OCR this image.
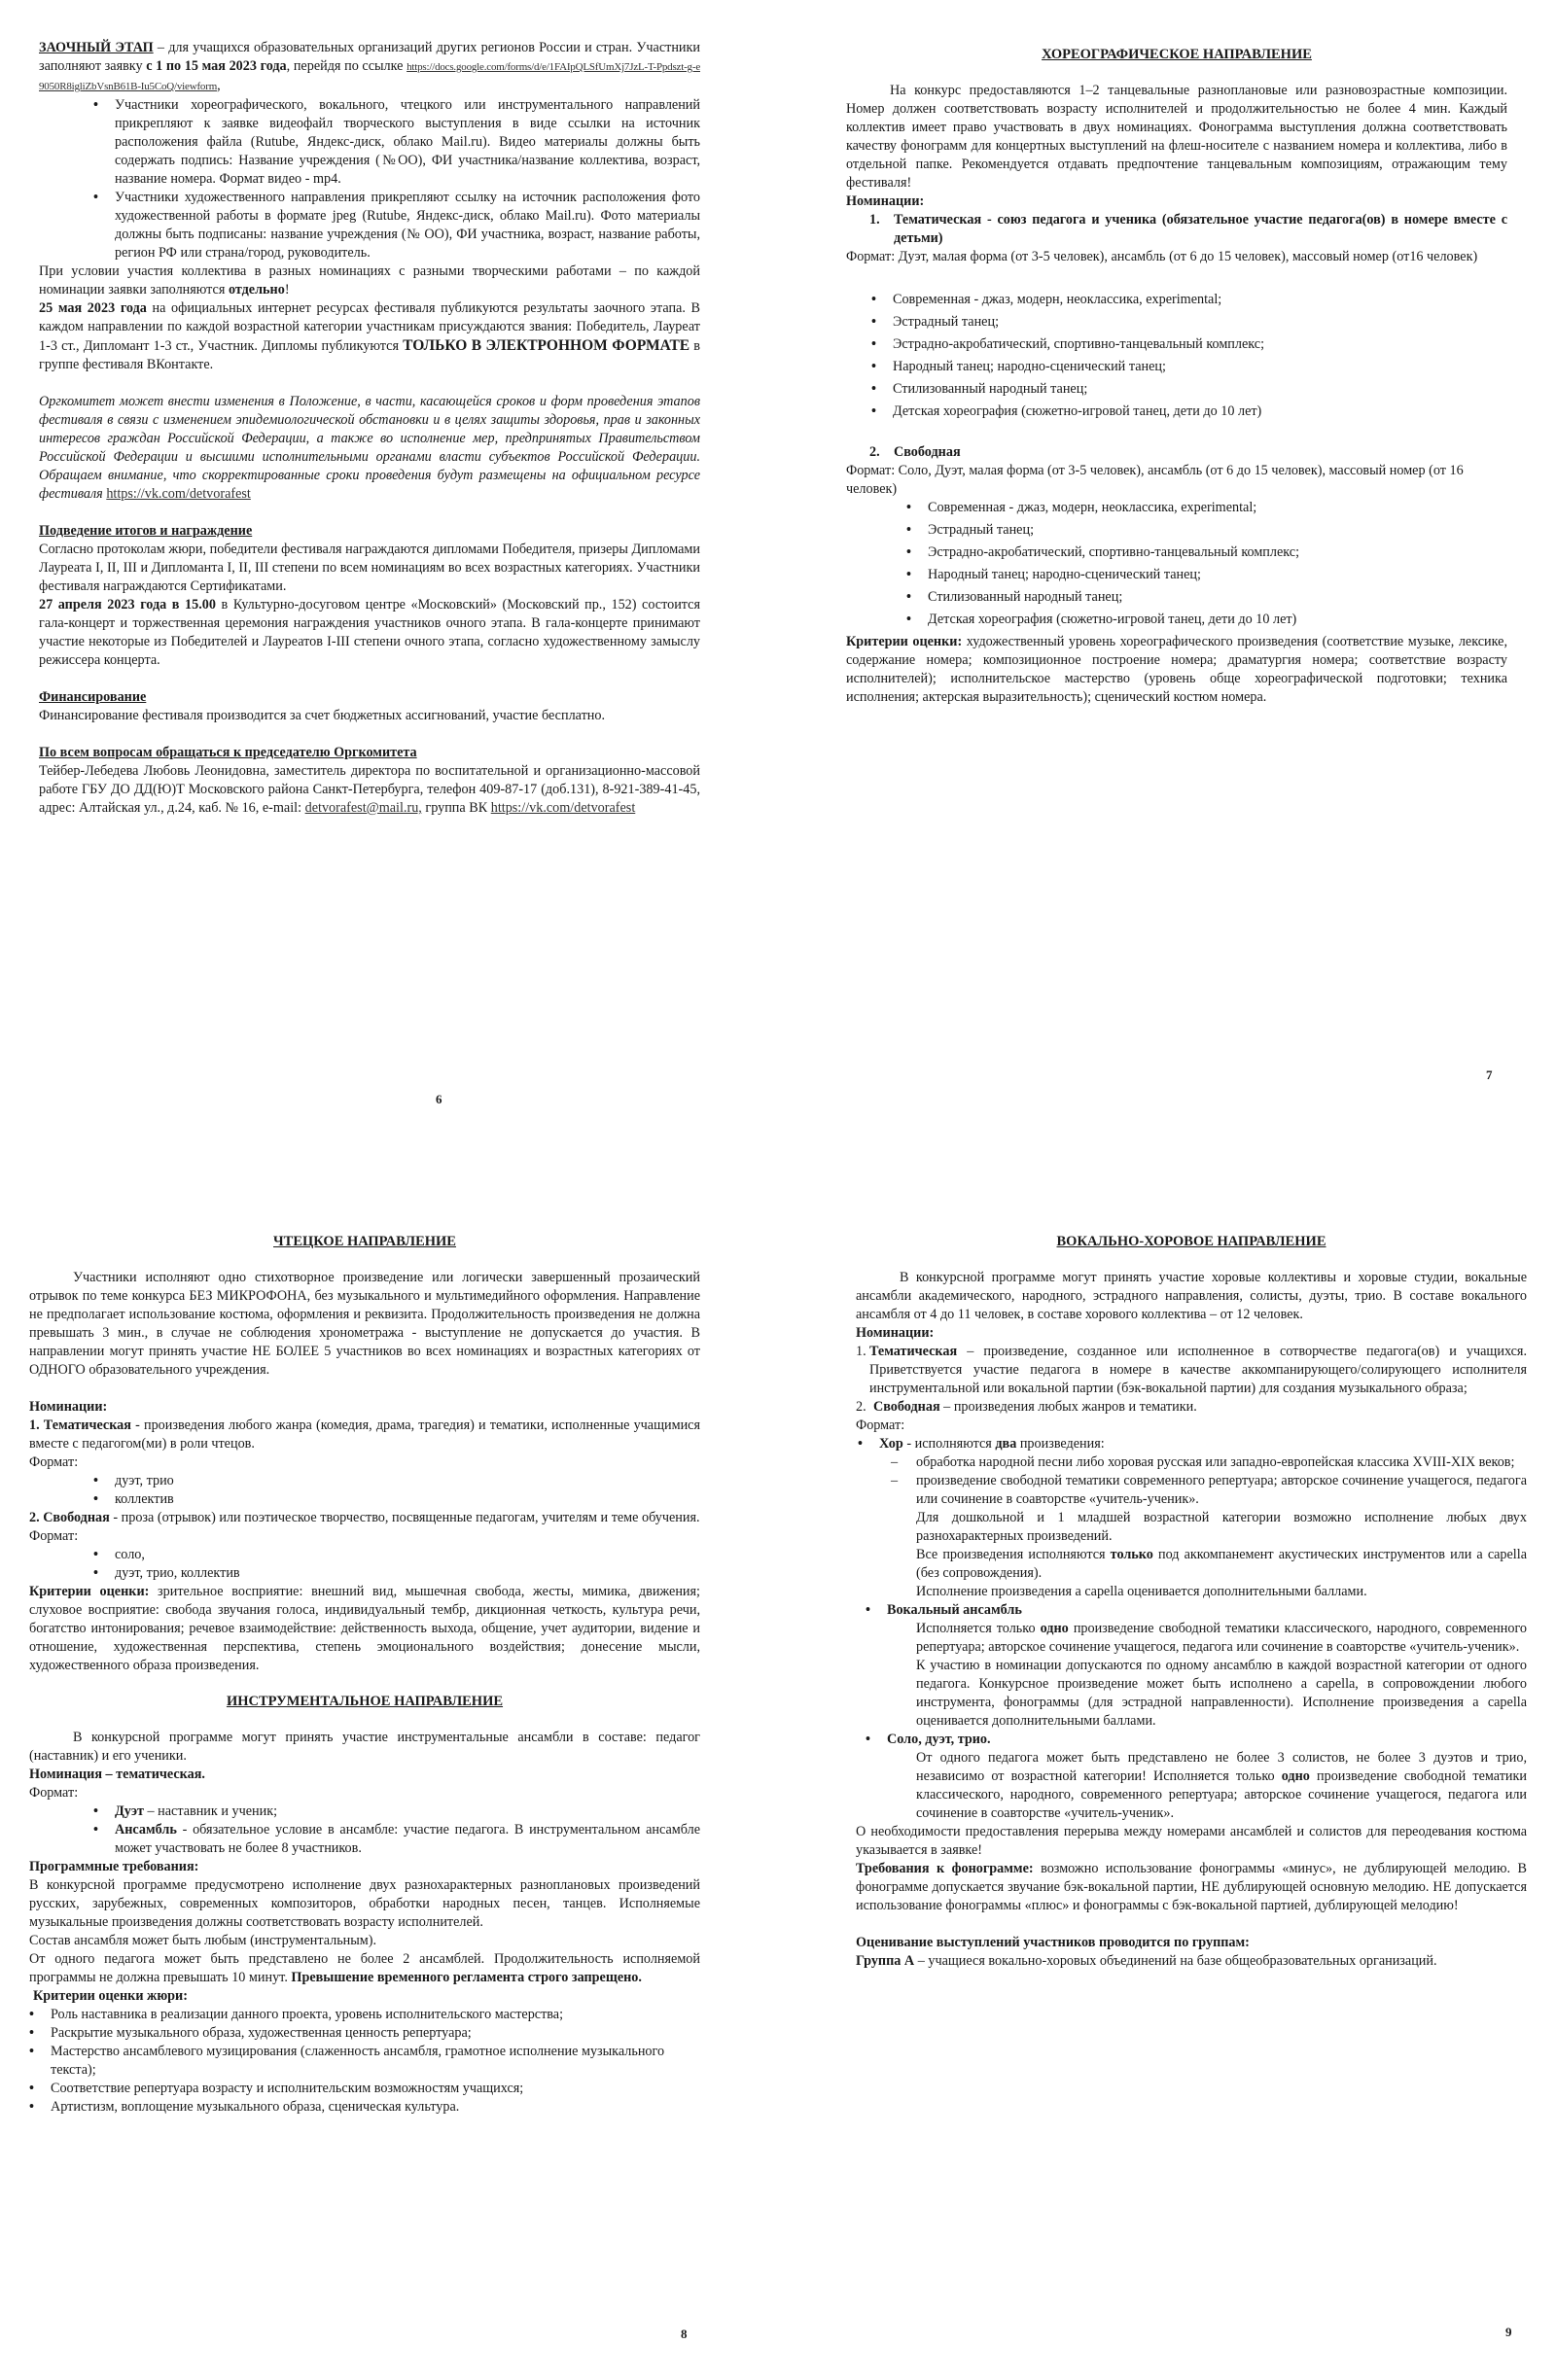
ЗАОЧНЫЙ ЭТАП – для учащихся образовательных организаций других регионов России и стран. Участники заполняют заявку с 1 по 15 мая 2023 года, перейдя по ссылке https://docs.google.com/forms/d/e/1FAIpQLSfUmXj7JzL-T-Ppdszt-g-e9050R8igliZbVsnB61B-Iu5CoQ/viewform,

• Участники хореографического, вокального, чтецкого или инструментального направлений прикрепляют к заявке видеофайл творческого выступления в виде ссылки на источник расположения файла (Rutube, Яндекс-диск, облако Mail.ru). Видео материалы должны быть содержать подпись: Название учреждения (№ОО), ФИ участника/название коллектива, возраст, название номера. Формат видео - mp4.
• Участники художественного направления прикрепляют ссылку на источник расположения фото художественной работы в формате jpeg (Rutube, Яндекс-диск, облако Mail.ru). Фото материалы должны быть подписаны: название учреждения (№ ОО), ФИ участника, возраст, название работы, регион РФ или страна/город, руководитель.

При условии участия коллектива в разных номинациях с разными творческими работами – по каждой номинации заявки заполняются отдельно!

25 мая 2023 года на официальных интернет ресурсах фестиваля публикуются результаты заочного этапа. В каждом направлении по каждой возрастной категории участникам присуждаются звания: Победитель, Лауреат 1-3 ст., Дипломант 1-3 ст., Участник. Дипломы публикуются ТОЛЬКО В ЭЛЕКТРОННОМ ФОРМАТЕ в группе фестиваля ВКонтакте.

Оргкомитет может внести изменения в Положение, в части, касающейся сроков и форм проведения этапов фестиваля в связи с изменением эпидемиологической обстановки и в целях защиты здоровья, прав и законных интересов граждан Российской Федерации, а также во исполнение мер, предпринятых Правительством Российской Федерации и высшими исполнительными органами власти субъектов Российской Федерации. Обращаем внимание, что скорректированные сроки проведения будут размещены на официальном ресурсе фестиваля https://vk.com/detvorafest

Подведение итогов и награждение

Согласно протоколам жюри, победители фестиваля награждаются дипломами Победителя, призеры Дипломами Лауреата I, II, III и Дипломанта I, II, III степени по всем номинациям во всех возрастных категориях. Участники фестиваля награждаются Сертификатами.

27 апреля 2023 года в 15.00 в Культурно-досуговом центре «Московский» (Московский пр., 152) состоится гала-концерт и торжественная церемония награждения участников очного этапа. В гала-концерте принимают участие некоторые из Победителей и Лауреатов I-III степени очного этапа, согласно художественному замыслу режиссера концерта.

Финансирование

Финансирование фестиваля производится за счет бюджетных ассигнований, участие бесплатно.

По всем вопросам обращаться к председателю Оргкомитета

Тейбер-Лебедева Любовь Леонидовна, заместитель директора по воспитательной и организационно-массовой работе ГБУ ДО ДД(Ю)Т Московского района Санкт-Петербурга, телефон 409-87-17 (доб.131), 8-921-389-41-45, адрес: Алтайская ул., д.24, каб. № 16, e-mail: detvorafest@mail.ru, группа ВК https://vk.com/detvorafest

6

ХОРЕОГРАФИЧЕСКОЕ НАПРАВЛЕНИЕ

На конкурс предоставляются 1–2 танцевальные разноплановые или разновозрастные композиции. Номер должен соответствовать возрасту исполнителей и продолжительностью не более 4 мин. Каждый коллектив имеет право участвовать в двух номинациях. Фонограмма выступления должна соответствовать качеству фонограмм для концертных выступлений на флеш-носителе с названием номера и коллектива, либо в отдельной папке. Рекомендуется отдавать предпочтение танцевальным композициям, отражающим тему фестиваля!

Номинации:

1.	Тематическая - союз педагога и ученика (обязательное участие педагога(ов) в номере вместе с детьми)

Формат: Дуэт, малая форма (от 3-5 человек), ансамбль (от 6 до 15 человек), массовый номер (от16 человек)

• Современная - джаз, модерн, неоклассика, experimental;
• Эстрадный танец;
• Эстрадно-акробатический, спортивно-танцевальный комплекс;
• Народный танец; народно-сценический танец;
• Стилизованный народный танец;
• Детская хореография (сюжетно-игровой танец, дети до 10 лет)
2.	Свободная

Формат: Соло, Дуэт, малая форма (от 3-5 человек), ансамбль (от 6 до 15 человек), массовый номер (от 16 человек)

• Современная - джаз, модерн, неоклассика, experimental;
• Эстрадный танец;
• Эстрадно-акробатический, спортивно-танцевальный комплекс;
• Народный танец; народно-сценический танец;
• Стилизованный народный танец;
• Детская хореография (сюжетно-игровой танец, дети до 10 лет)

Критерии оценки: художественный уровень хореографического произведения (соответствие музыке, лексике, содержание номера; композиционное построение номера; драматургия номера; соответствие возрасту исполнителей); исполнительское мастерство (уровень обще хореографической подготовки; техника исполнения; актерская выразительность); сценический костюм номера.

7

ЧТЕЦКОЕ НАПРАВЛЕНИЕ

Участники исполняют одно стихотворное произведение или логически завершенный прозаический отрывок по теме конкурса БЕЗ МИКРОФОНА, без музыкального и мультимедийного оформления. Направление не предполагает использование костюма, оформления и реквизита. Продолжительность произведения не должна превышать 3 мин., в случае не соблюдения хронометража - выступление не допускается до участия. В направлении могут принять участие НЕ БОЛЕЕ 5 участников во всех номинациях и возрастных категориях от ОДНОГО образовательного учреждения.

Номинации:

1. Тематическая - произведения любого жанра (комедия, драма, трагедия) и тематики, исполненные учащимися вместе с педагогом(ми) в роли чтецов.

Формат:

• дуэт, трио
• коллектив

2. Свободная - проза (отрывок) или поэтическое творчество, посвященные педагогам, учителям и теме обучения.

Формат:

• соло,
• дуэт, трио, коллектив

Критерии оценки: зрительное восприятие: внешний вид, мышечная свобода, жесты, мимика, движения; слуховое восприятие: свобода звучания голоса, индивидуальный тембр, дикционная четкость, культура речи, богатство интонирования; речевое взаимодействие: действенность выхода, общение, учет аудитории, видение и отношение, художественная перспектива, степень эмоционального воздействия; донесение мысли, художественного образа произведения.

ИНСТРУМЕНТАЛЬНОЕ НАПРАВЛЕНИЕ

В конкурсной программе могут принять участие инструментальные ансамбли в составе: педагог (наставник) и его ученики.

Номинация – тематическая.

Формат:

• Дуэт – наставник и ученик;
• Ансамбль - обязательное условие в ансамбле: участие педагога. В инструментальном ансамбле может участвовать не более 8 участников.

Программные требования:

В конкурсной программе предусмотрено исполнение двух разнохарактерных разноплановых произведений русских, зарубежных, современных композиторов, обработки народных песен, танцев. Исполняемые музыкальные произведения должны соответствовать возрасту исполнителей.

Состав ансамбля может быть любым (инструментальным).

От одного педагога может быть представлено не более 2 ансамблей. Продолжительность исполняемой программы не должна превышать 10 минут. Превышение временного регламента строго запрещено.

Критерии оценки жюри:

• Роль наставника в реализации данного проекта, уровень исполнительского мастерства;
• Раскрытие музыкального образа, художественная ценность репертуара;
• Мастерство ансамблевого музицирования (слаженность ансамбля, грамотное исполнение музыкального текста);
• Соответствие репертуара возрасту и исполнительским возможностям учащихся;
• Артистизм, воплощение музыкального образа, сценическая культура.
8

ВОКАЛЬНО-ХОРОВОЕ НАПРАВЛЕНИЕ

В конкурсной программе могут принять участие хоровые коллективы и хоровые студии, вокальные ансамбли академического, народного, эстрадного направления, солисты, дуэты, трио. В составе вокального ансамбля от 4 до 11 человек, в составе хорового коллектива – от 12 человек.

Номинации:

1. Тематическая – произведение, созданное или исполненное в сотворчестве педагога(ов) и учащихся. Приветствуется участие педагога в номере в качестве аккомпанирующего/солирующего исполнителя инструментальной или вокальной партии (бэк-вокальной партии) для создания музыкального образа;
2. Свободная – произведения любых жанров и тематики.

Формат:

• Хор - исполняются два произведения:
– обработка народной песни либо хоровая русская или западно-европейская классика XVIII-XIX веков;
– произведение свободной тематики современного репертуара; авторское сочинение учащегося, педагога или сочинение в соавторстве «учитель-ученик».

Для дошкольной и 1 младшей возрастной категории возможно исполнение любых двух разнохарактерных произведений.

Все произведения исполняются только под аккомпанемент акустических инструментов или a capella (без сопровождения).

Исполнение произведения a capella оценивается дополнительными баллами.

• Вокальный ансамбль

Исполняется только одно произведение свободной тематики классического, народного, современного репертуара; авторское сочинение учащегося, педагога или сочинение в соавторстве «учитель-ученик».

К участию в номинации допускаются по одному ансамблю в каждой возрастной категории от одного педагога. Конкурсное произведение может быть исполнено a capella, в сопровождении любого инструмента, фонограммы (для эстрадной направленности). Исполнение произведения a capella оценивается дополнительными баллами.

• Соло, дуэт, трио.

От одного педагога может быть представлено не более 3 солистов, не более 3 дуэтов и трио, независимо от возрастной категории! Исполняется только одно произведение свободной тематики классического, народного, современного репертуара; авторское сочинение учащегося, педагога или сочинение в соавторстве «учитель-ученик».

О необходимости предоставления перерыва между номерами ансамблей и солистов для переодевания костюма указывается в заявке!

Требования к фонограмме: возможно использование фонограммы «минус», не дублирующей мелодию. В фонограмме допускается звучание бэк-вокальной партии, НЕ дублирующей основную мелодию. НЕ допускается использование фонограммы «плюс» и фонограммы с бэк-вокальной партией, дублирующей мелодию!

Оценивание выступлений участников проводится по группам:

Группа А – учащиеся вокально-хоровых объединений на базе общеобразовательных организаций.

9
